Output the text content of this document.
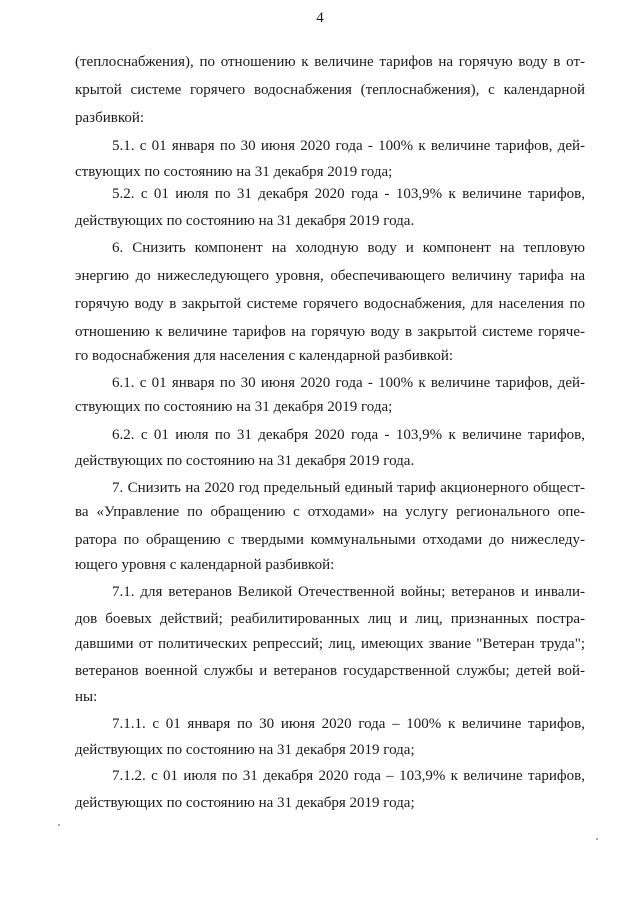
4
(теплоснабжения), по отношению к величине тарифов на горячую воду в от-
крытой системе горячего водоснабжения (теплоснабжения), с календарной
разбивкой:
5.1. с 01 января по 30 июня 2020 года - 100% к величине тарифов, дей-
ствующих по состоянию на 31 декабря 2019 года;
5.2. с 01 июля по 31 декабря 2020 года - 103,9% к величине тарифов,
действующих по состоянию на 31 декабря 2019 года.
6. Снизить компонент на холодную воду и компонент на тепловую
энергию до нижеследующего уровня, обеспечивающего величину тарифа на
горячую воду в закрытой системе горячего водоснабжения, для населения по
отношению к величине тарифов на горячую воду в закрытой системе горяче-
го водоснабжения для населения с календарной разбивкой:
6.1. с 01 января по 30 июня 2020 года - 100% к величине тарифов, дей-
ствующих по состоянию на 31 декабря 2019 года;
6.2. с 01 июля по 31 декабря 2020 года - 103,9% к величине тарифов,
действующих по состоянию на 31 декабря 2019 года.
7. Снизить на 2020 год предельный единый тариф акционерного общест-
ва «Управление по обращению с отходами» на услугу регионального опе-
ратора по обращению с твердыми коммунальными отходами до нижеследу-
ющего уровня с календарной разбивкой:
7.1. для ветеранов Великой Отечественной войны; ветеранов и инвали-
дов боевых действий; реабилитированных лиц и лиц, признанных постра-
давшими от политических репрессий; лиц, имеющих звание "Ветеран труда";
ветеранов военной службы и ветеранов государственной службы; детей вой-
ны:
7.1.1. с 01 января по 30 июня 2020 года – 100% к величине тарифов,
действующих по состоянию на 31 декабря 2019 года;
7.1.2. с 01 июля по 31 декабря 2020 года – 103,9% к величине тарифов,
действующих по состоянию на 31 декабря 2019 года;
